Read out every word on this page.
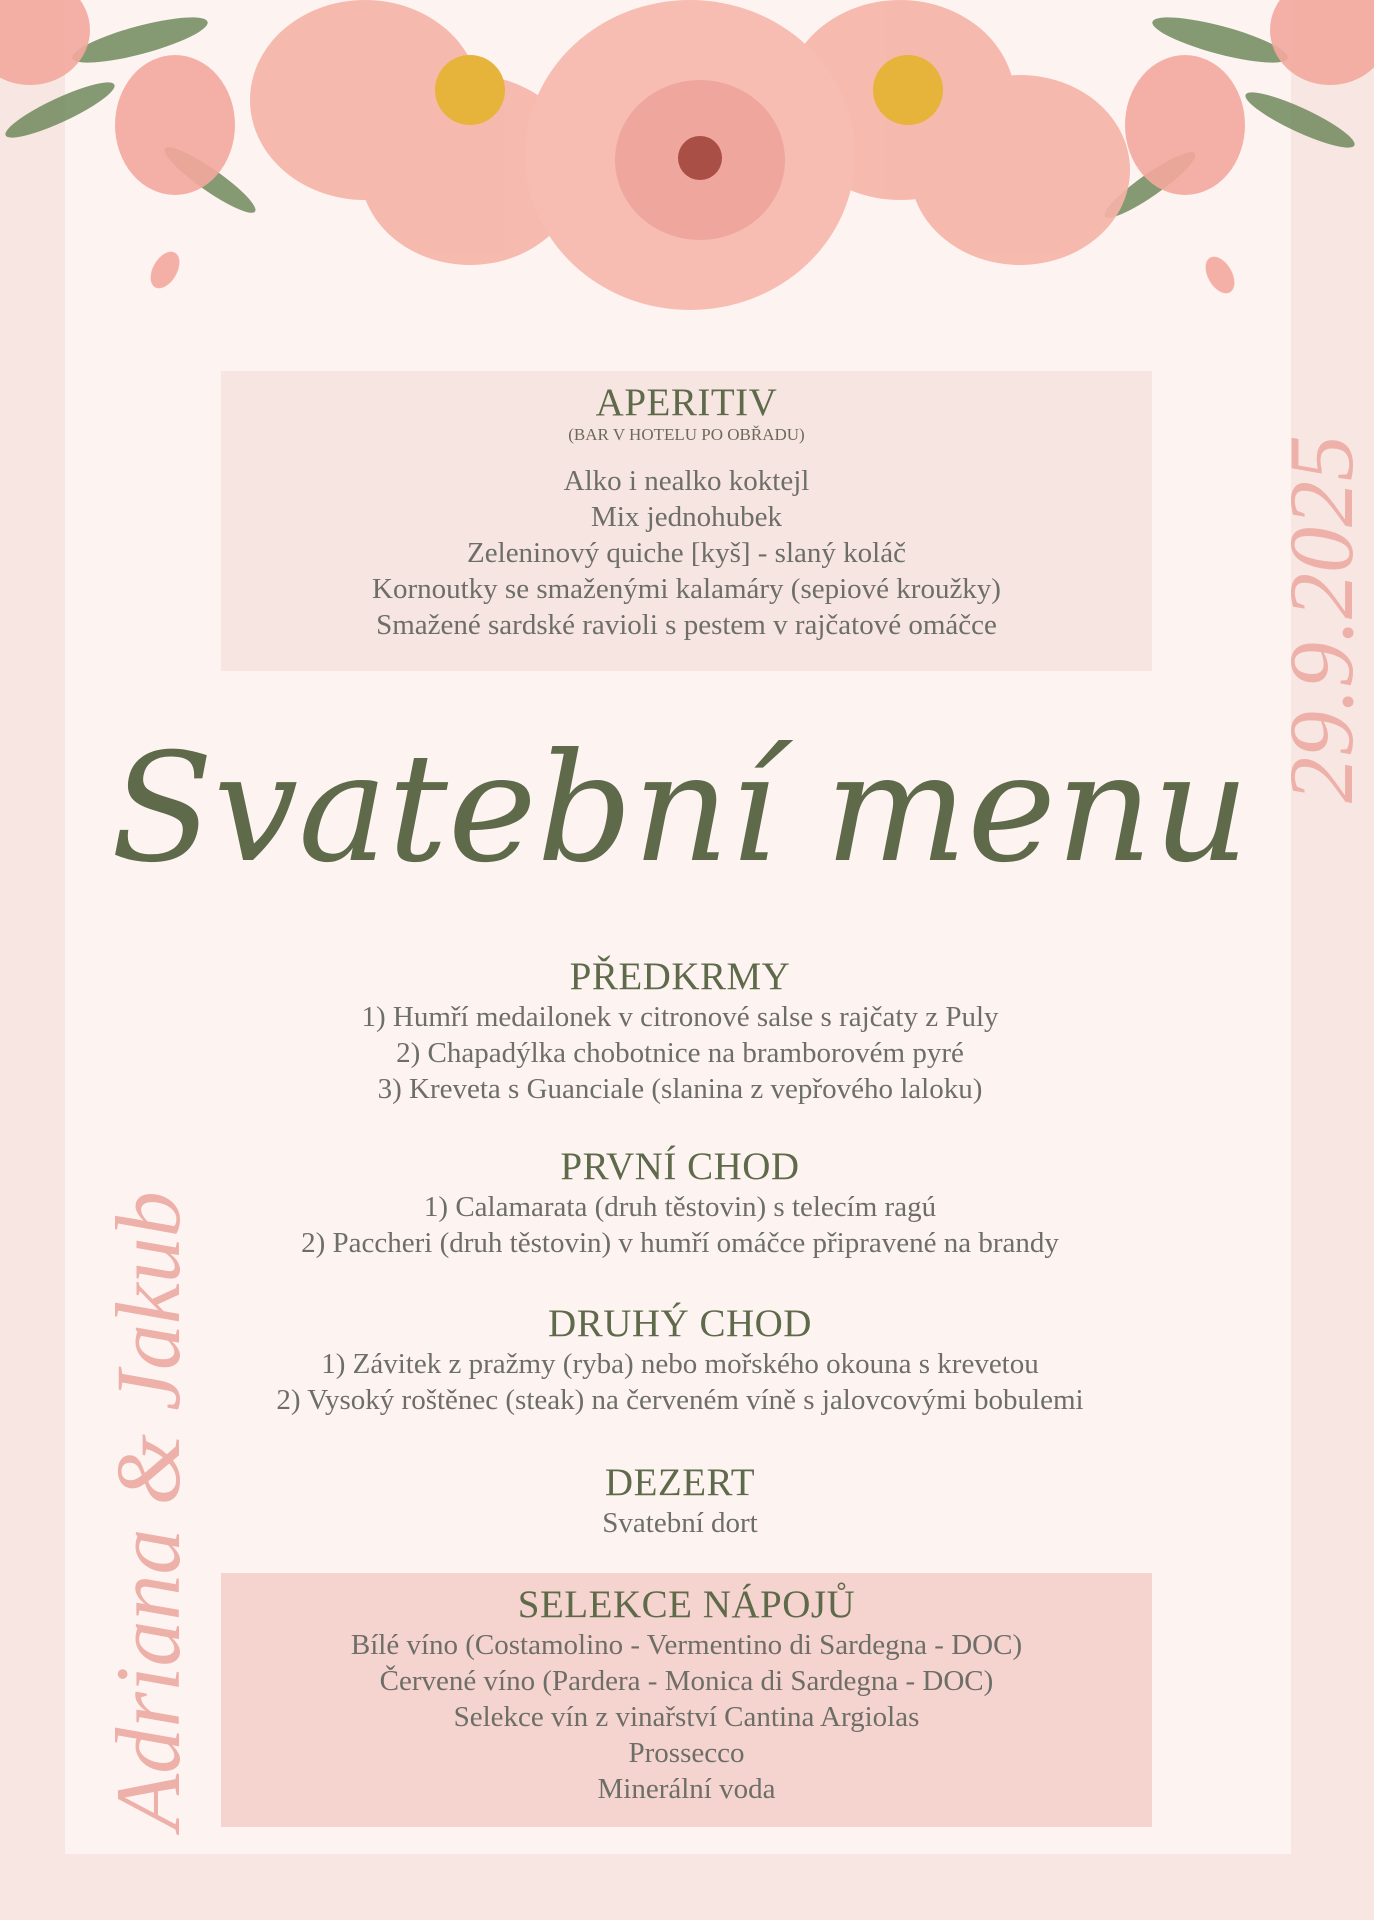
APERITIV
(BAR V HOTELU PO OBŘADU)
Alko i nealko koktejl
Mix jednohubek
Zeleninový quiche [kyš] - slaný koláč
Kornoutky se smaženými kalamáry (sepiové kroužky)
Smažené sardské ravioli s pestem v rajčatové omáčce
Svatební menu
PŘEDKRMY
1) Humří medailonek v citronové salse s rajčaty z Puly
2) Chapadýlka chobotnice na bramborovém pyré
3) Kreveta s Guanciale (slanina z vepřového laloku)
PRVNÍ CHOD
1) Calamarata (druh těstovin) s telecím ragú
2) Paccheri (druh těstovin) v humří omáčce připravené na brandy
DRUHÝ CHOD
1) Závitek z pražmy (ryba) nebo mořského okouna s krevetou
2) Vysoký roštěnec (steak) na červeném víně s jalovcovými bobulemi
DEZERT
Svatební dort
SELEKCE NÁPOJŮ
Bílé víno (Costamolino - Vermentino di Sardegna - DOC)
Červené víno (Pardera - Monica di Sardegna - DOC)
Selekce vín z vinařství Cantina Argiolas
Prossecco
Minerální voda
29.9.2025
Adriana & Jakub
